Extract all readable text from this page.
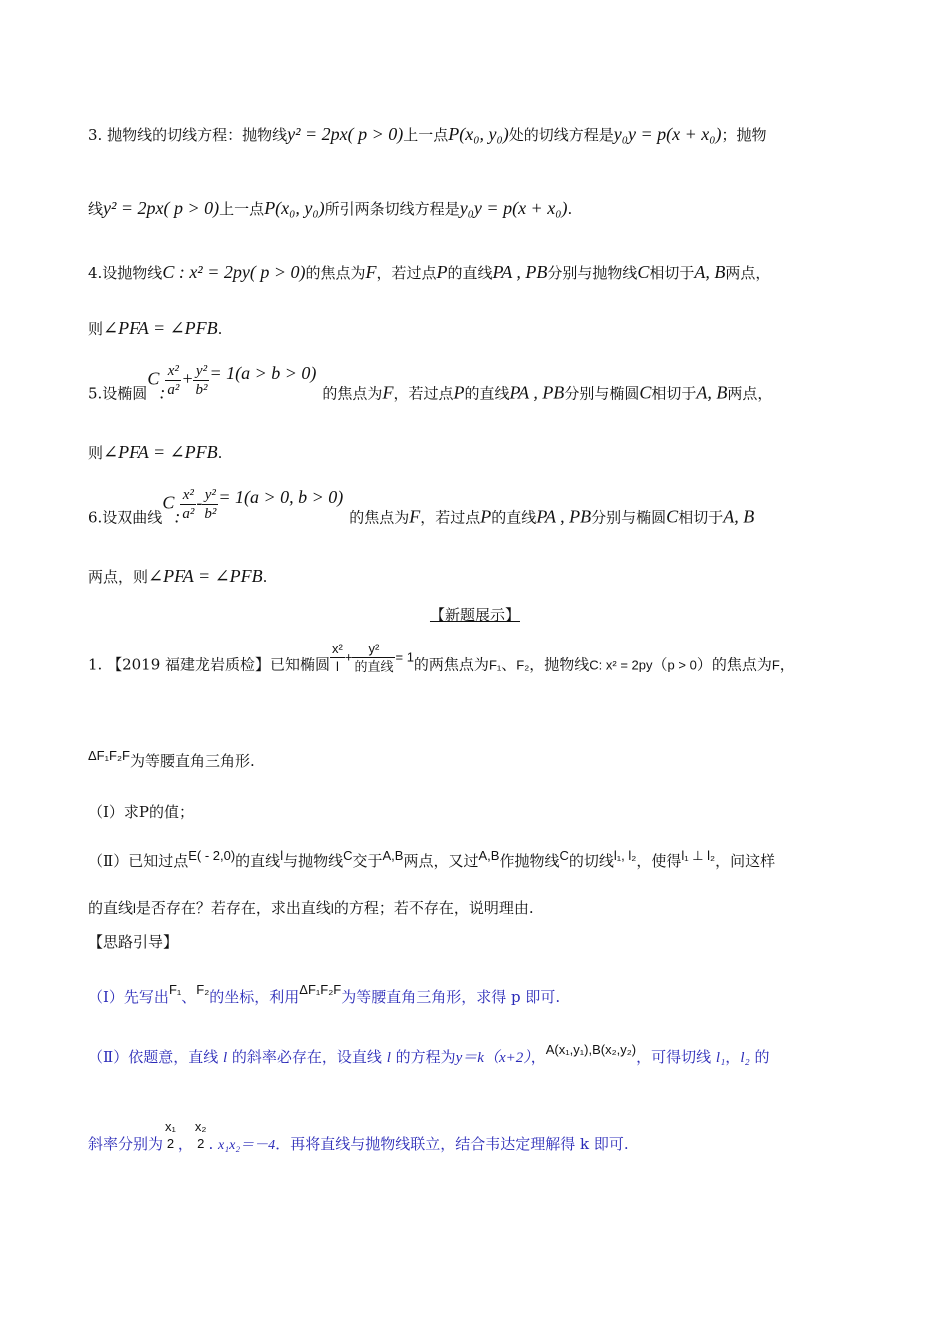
3. 抛物线的切线方程：抛物线y² = 2px( p > 0)上一点P(x₀, y₀)处的切线方程是y₀y = p(x + x₀)；抛物
线y² = 2px( p > 0)上一点P(x₀, y₀)所引两条切线方程是y₀y = p(x + x₀).
4.设抛物线C : x² = 2py( p > 0)的焦点为F，若过点P的直线PA , PB分别与抛物线C相切于A, B两点，
则∠PFA = ∠PFB.
5.设椭圆C: $\frac{\text{x²}}{\text{a²}} + \frac{\text{y²}}{\text{b²}} = 1(a > b > 0)$的焦点为F，若过点P的直线PA , PB分别与椭圆C相切于A, B两点，
则∠PFA = ∠PFB.
6.设双曲线C: $\frac{\text{x²}}{\text{a²}} - \frac{\text{y²}}{\text{b²}} = 1(a > 0$, b > 0)的焦点为F，若过点P的直线PA , PB分别与椭圆C相切于A, B
两点，则∠PFA = ∠PFB.
【新题展示】
1. 【2019 福建龙岩质检】已知椭圆 $\frac{\text{x²}}{l}$ +
y²
的直线
= 1的两焦点为F₁、F₂，抛物线C: x² = 2py（p > 0）的焦点为F，
ΔF₁F₂F为等腰直角三角形.
（Ⅰ）求P的值；
（Ⅱ）已知过点E( - 2,0)的直线l与抛物线C交于A,B两点，又过A,B作抛物线C的切线l₁, l₂，使得l₁ ⊥ l₂，问这样
的直线l是否存在？若存在，求出直线l的方程；若不存在，说明理由.
【思路引导】
（Ⅰ）先写出F₁、F₂的坐标，利用ΔF₁F₂F为等腰直角三角形，求得 p 即可.
（Ⅱ）依题意，直线 l 的斜率必存在，设直线 l 的方程为y＝k（x+2），A(x₁,y₁),B(x₂,y₂)，可得切线 l₁，l₂ 的
斜率分别为
x₁
2 ，
x₂
2 . x₁x₂＝－4．再将直线与抛物线联立，结合韦达定理解得 k 即可.
